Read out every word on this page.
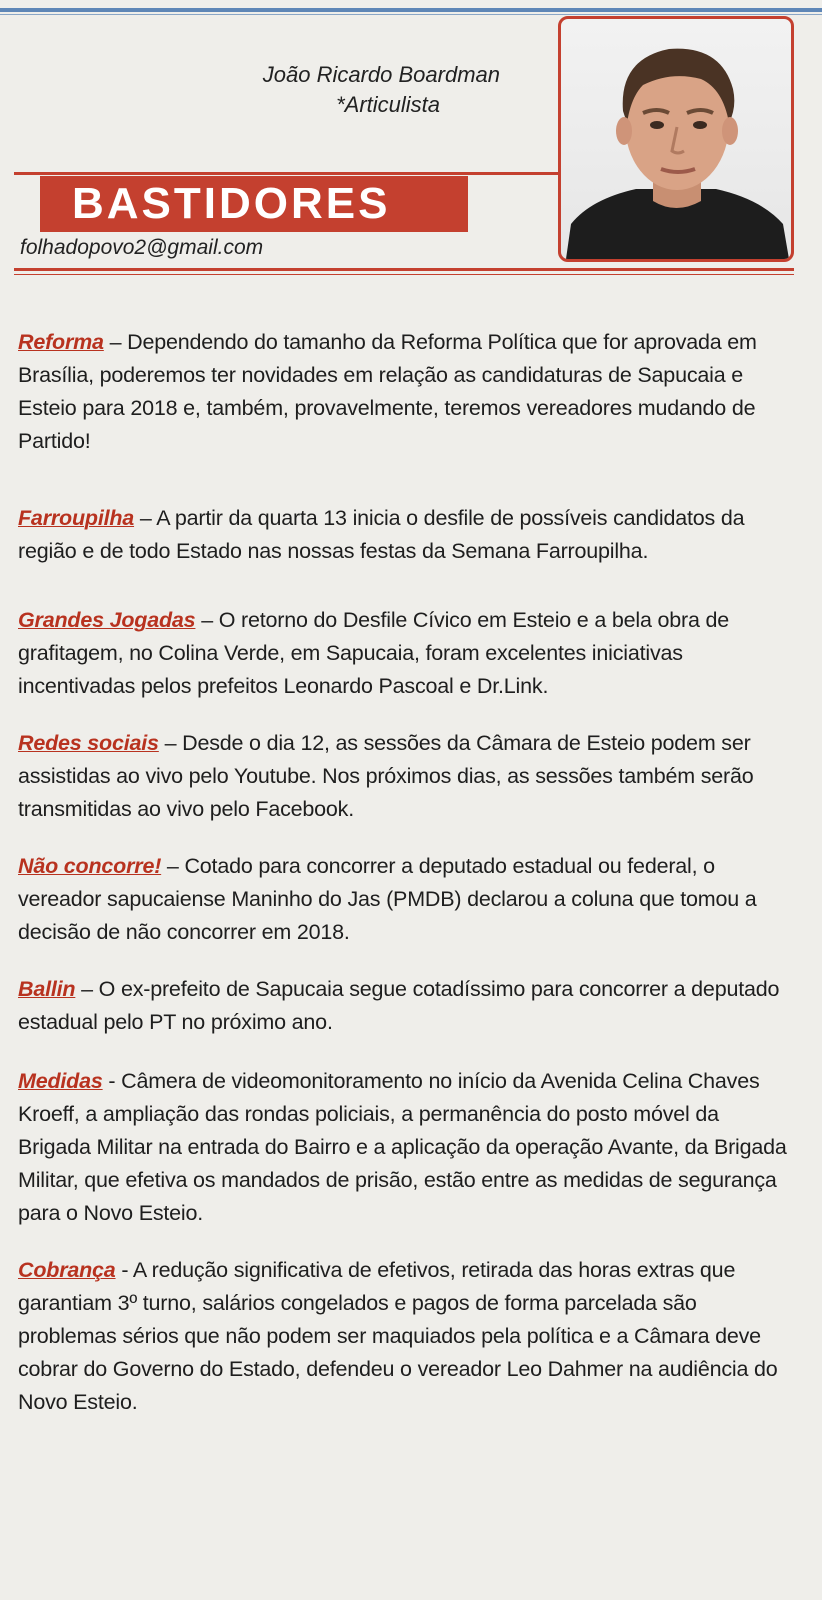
João Ricardo Boardman
*Articulista
BASTIDORES
folhadopovo2@gmail.com

Reforma – Dependendo do tamanho da Reforma Política que for aprovada em Brasília, poderemos ter novidades em relação as candidaturas de Sapucaia e Esteio para 2018 e, também, provavelmente, teremos vereadores mudando de Partido!

Farroupilha – A partir da quarta 13 inicia o desfile de possíveis candidatos da região e de todo Estado nas nossas festas da Semana Farroupilha.

Grandes Jogadas – O retorno do Desfile Cívico em Esteio e a bela obra de grafitagem, no Colina Verde, em Sapucaia, foram excelentes iniciativas incentivadas pelos prefeitos Leonardo Pascoal e Dr.Link.

Redes sociais – Desde o dia 12, as sessões da Câmara de Esteio podem ser assistidas ao vivo pelo Youtube. Nos próximos dias, as sessões também serão transmitidas ao vivo pelo Facebook.

Não concorre! – Cotado para concorrer a deputado estadual ou federal, o vereador sapucaiense Maninho do Jas (PMDB) declarou a coluna que tomou a decisão de não concorrer em 2018.

Ballin – O ex-prefeito de Sapucaia segue cotadíssimo para concorrer a deputado estadual pelo PT no próximo ano.

Medidas - Câmera de videomonitoramento no início da Avenida Celina Chaves Kroeff, a ampliação das rondas policiais, a permanência do posto móvel da Brigada Militar na entrada do Bairro e a aplicação da operação Avante, da Brigada Militar, que efetiva os mandados de prisão, estão entre as medidas de segurança para o Novo Esteio.

Cobrança - A redução significativa de efetivos, retirada das horas extras que garantiam 3º turno, salários congelados e pagos de forma parcelada são problemas sérios que não podem ser maquiados pela política e a Câmara deve cobrar do Governo do Estado, defendeu o vereador Leo Dahmer na audiência do Novo Esteio.
